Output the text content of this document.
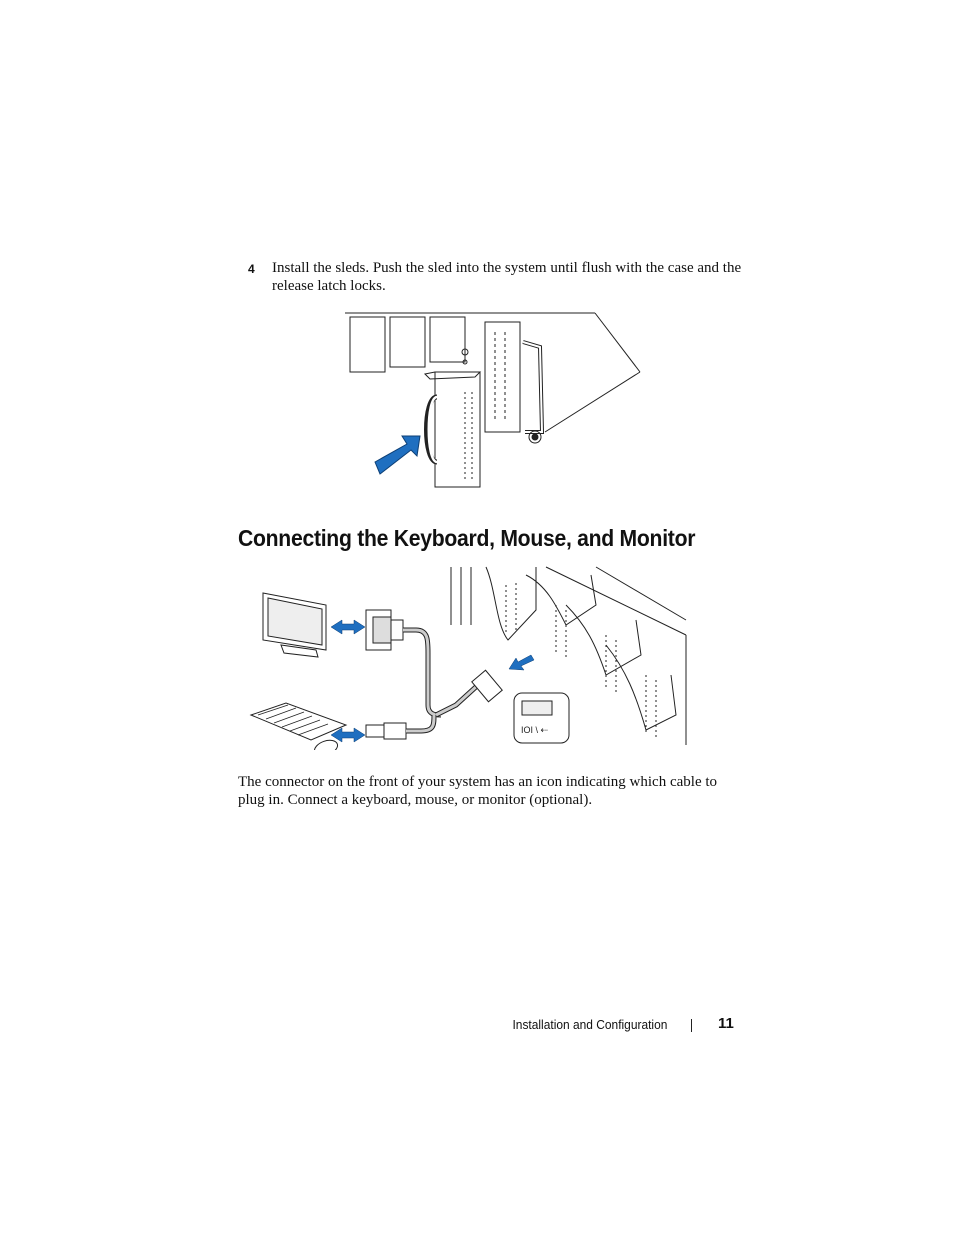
4 Install the sleds. Push the sled into the system until flush with the case and the release latch locks.
Connecting the Keyboard, Mouse, and Monitor
IOI \ ⇠

The connector on the front of your system has an icon indicating which cable to plug in. Connect a keyboard, mouse, or monitor (optional).

Installation and Configuration	11
